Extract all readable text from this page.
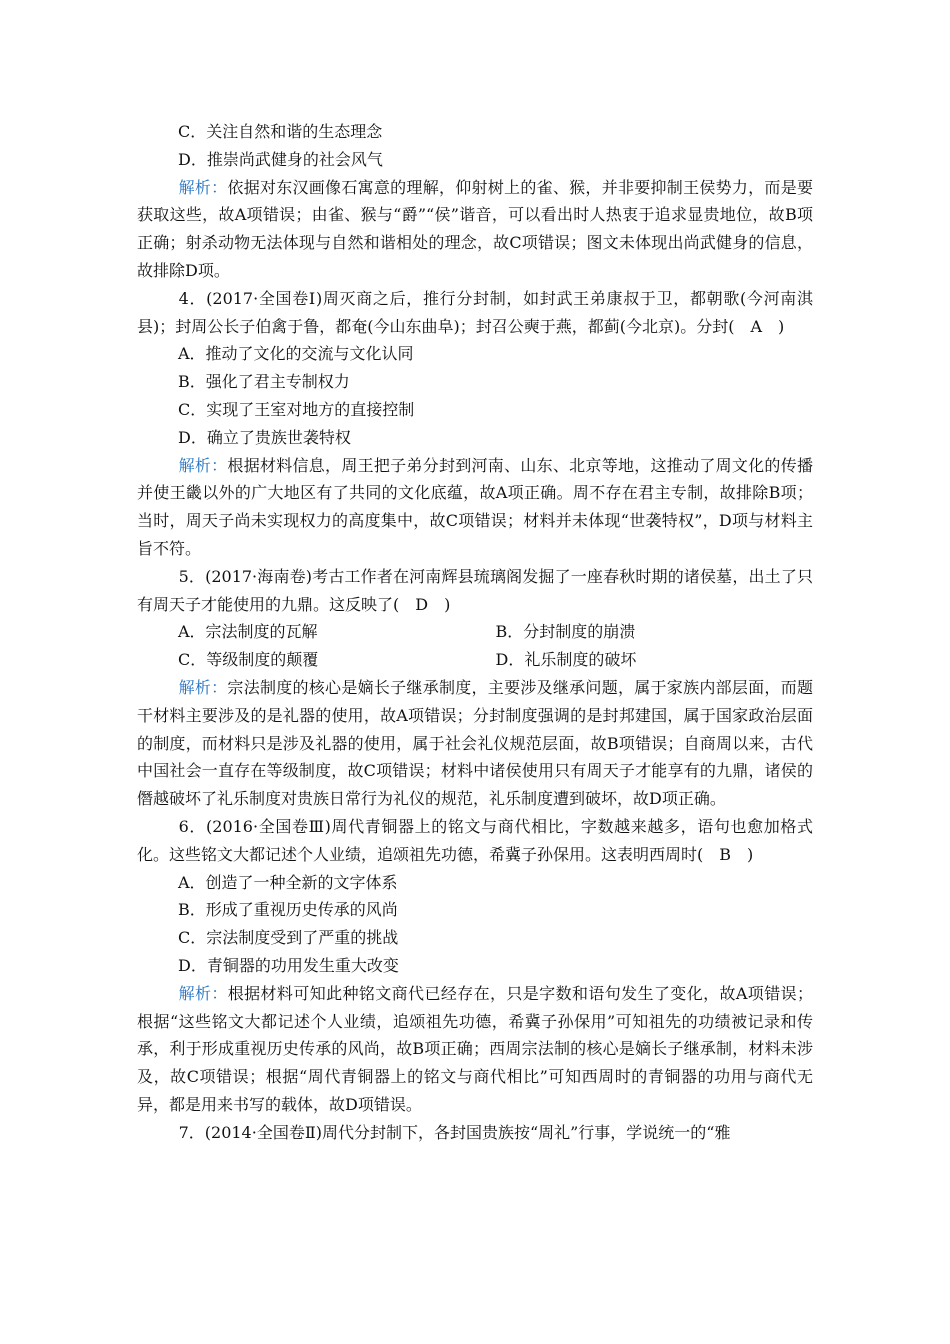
C．关注自然和谐的生态理念

D．推崇尚武健身的社会风气

解析：依据对东汉画像石寓意的理解，仰射树上的雀、猴，并非要抑制王侯势力，而是要获取这些，故A项错误；由雀、猴与“爵”“侯”谐音，可以看出时人热衷于追求显贵地位，故B项正确；射杀动物无法体现与自然和谐相处的理念，故C项错误；图文未体现出尚武健身的信息，故排除D项。

4．(2017·全国卷Ⅰ)周灭商之后，推行分封制，如封武王弟康叔于卫，都朝歌(今河南淇县)；封周公长子伯禽于鲁，都奄(今山东曲阜)；封召公奭于燕，都蓟(今北京)。分封(　A　)

A．推动了文化的交流与文化认同

B．强化了君主专制权力

C．实现了王室对地方的直接控制

D．确立了贵族世袭特权

解析：根据材料信息，周王把子弟分封到河南、山东、北京等地，这推动了周文化的传播并使王畿以外的广大地区有了共同的文化底蕴，故A项正确。周不存在君主专制，故排除B项；当时，周天子尚未实现权力的高度集中，故C项错误；材料并未体现“世袭特权”，D项与材料主旨不符。

5．(2017·海南卷)考古工作者在河南辉县琉璃阁发掘了一座春秋时期的诸侯墓，出土了只有周天子才能使用的九鼎。这反映了(　D　)

A．宗法制度的瓦解	B．分封制度的崩溃
C．等级制度的颠覆	D．礼乐制度的破坏

解析：宗法制度的核心是嫡长子继承制度，主要涉及继承问题，属于家族内部层面，而题干材料主要涉及的是礼器的使用，故A项错误；分封制度强调的是封邦建国，属于国家政治层面的制度，而材料只是涉及礼器的使用，属于社会礼仪规范层面，故B项错误；自商周以来，古代中国社会一直存在等级制度，故C项错误；材料中诸侯使用只有周天子才能享有的九鼎，诸侯的僭越破坏了礼乐制度对贵族日常行为礼仪的规范，礼乐制度遭到破坏，故D项正确。

6．(2016·全国卷Ⅲ)周代青铜器上的铭文与商代相比，字数越来越多，语句也愈加格式化。这些铭文大都记述个人业绩，追颂祖先功德，希冀子孙保用。这表明西周时(　B　)

A．创造了一种全新的文字体系

B．形成了重视历史传承的风尚

C．宗法制度受到了严重的挑战

D．青铜器的功用发生重大改变

解析：根据材料可知此种铭文商代已经存在，只是字数和语句发生了变化，故A项错误；根据“这些铭文大都记述个人业绩，追颂祖先功德，希冀子孙保用”可知祖先的功绩被记录和传承，利于形成重视历史传承的风尚，故B项正确；西周宗法制的核心是嫡长子继承制，材料未涉及，故C项错误；根据“周代青铜器上的铭文与商代相比”可知西周时的青铜器的功用与商代无异，都是用来书写的载体，故D项错误。

7．(2014·全国卷Ⅱ)周代分封制下，各封国贵族按“周礼”行事，学说统一的“雅
